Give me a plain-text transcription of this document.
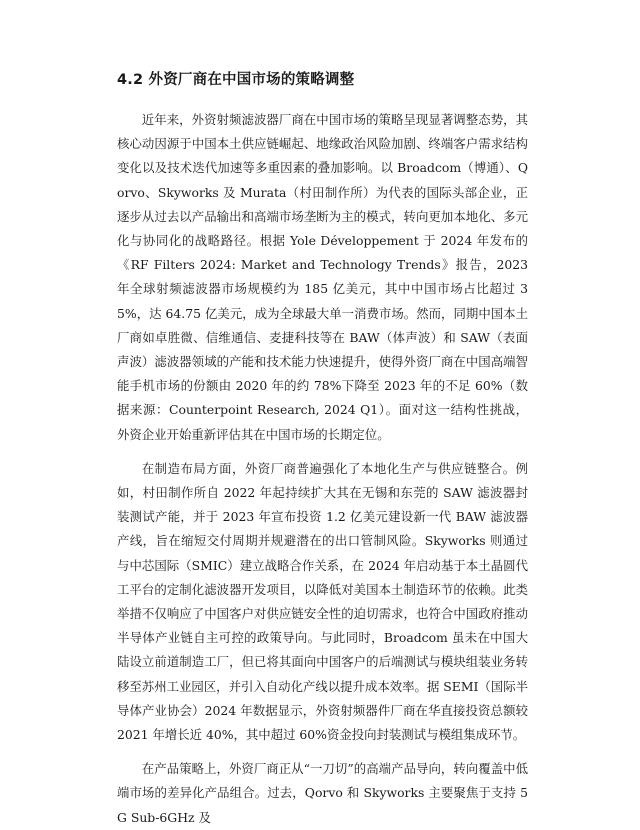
4.2 外资厂商在中国市场的策略调整

近年来，外资射频滤波器厂商在中国市场的策略呈现显著调整态势，其核心动因源于中国本土供应链崛起、地缘政治风险加剧、终端客户需求结构变化以及技术迭代加速等多重因素的叠加影响。以 Broadcom（博通）、Qorvo、Skyworks 及 Murata（村田制作所）为代表的国际头部企业，正逐步从过去以产品输出和高端市场垄断为主的模式，转向更加本地化、多元化与协同化的战略路径。根据 Yole Développement 于 2024 年发布的《RF Filters 2024: Market and Technology Trends》报告，2023 年全球射频滤波器市场规模约为 185 亿美元，其中中国市场占比超过 35%，达 64.75 亿美元，成为全球最大单一消费市场。然而，同期中国本土厂商如卓胜微、信维通信、麦捷科技等在 BAW（体声波）和 SAW（表面声波）滤波器领域的产能和技术能力快速提升，使得外资厂商在中国高端智能手机市场的份额由 2020 年的约 78%下降至 2023 年的不足 60%（数据来源：Counterpoint Research, 2024 Q1）。面对这一结构性挑战，外资企业开始重新评估其在中国市场的长期定位。

在制造布局方面，外资厂商普遍强化了本地化生产与供应链整合。例如，村田制作所自 2022 年起持续扩大其在无锡和东莞的 SAW 滤波器封装测试产能，并于 2023 年宣布投资 1.2 亿美元建设新一代 BAW 滤波器产线，旨在缩短交付周期并规避潜在的出口管制风险。Skyworks 则通过与中芯国际（SMIC）建立战略合作关系，在 2024 年启动基于本土晶圆代工平台的定制化滤波器开发项目，以降低对美国本土制造环节的依赖。此类举措不仅响应了中国客户对供应链安全性的迫切需求，也符合中国政府推动半导体产业链自主可控的政策导向。与此同时，Broadcom 虽未在中国大陆设立前道制造工厂，但已将其面向中国客户的后端测试与模块组装业务转移至苏州工业园区，并引入自动化产线以提升成本效率。据 SEMI（国际半导体产业协会）2024 年数据显示，外资射频器件厂商在华直接投资总额较 2021 年增长近 40%，其中超过 60%资金投向封装测试与模组集成环节。

在产品策略上，外资厂商正从“一刀切”的高端产品导向，转向覆盖中低端市场的差异化产品组合。过去，Qorvo 和 Skyworks 主要聚焦于支持 5G Sub-6GHz 及
